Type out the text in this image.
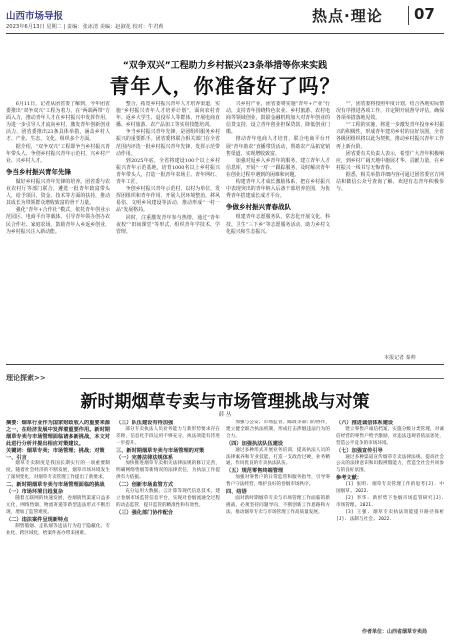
山西市场导报
2023年6月13日 星期二 | 责编：张冰清 美编：赵淑花 校对：牛君莉
热点·理论 07
“双争双兴”工程助力乡村振兴23条举措等你来实践
青年人，你准备好了吗？

6月11日，记者从团省委了解到，今年团省委推出“双争双兴”工程为着力，在“两端两带”方面入力，推动青年人才在乡村振兴中发挥作用，为进一步引导人才流向乡村，激发青年创新创业活力，团省委推出23条具体举措，涵盖乡村人才、产业、生态、文化、组织多个方面。

据介绍，“双争双兴”工程即争当乡村振兴青年带头人、争创乡村振兴青年示范村，兴乡村产业、兴乡村人才。

争当乡村振兴青年先锋

做好乡村振兴青年先锋的培养。团省委与农业农村厅等部门联合，遴选一批青年致富带头人，给予项目、资金、技术等方面的扶持，推动其成长为带领群众增收致富的骨干力量。

强化“青年+合作社”模式，依托青年创业示范园区、电商平台等载体，引导青年领办创办农民合作社、家庭农场。鼓励青年入乡返乡创业，为乡村振兴注入新动能。

整合，拓宽乡村振兴青年人才培养渠道，实施“乡村振兴青年人才培养计划”，面向农村青年、返乡大学生、退役军人等群体，开展电商直播、乡村旅游、农产品加工等实用技能培训。

争当乡村振兴青年先锋，是团组织服务乡村振兴的重要抓手。团省委将联合相关部门在全省范围内评选一批乡村振兴青年先锋，发挥示范带动作用。

到2025年底，全省将建设100个以上乡村振兴青年示范基地，培育1000名以上乡村振兴青年带头人，打造一批青年农场主、青年网红、青年工匠。

争创乡村振兴青年示范村，以村为单位，发挥团组织和青年作用，开展人居环境整治、移风易俗、文明乡风建设等活动，推动形成“一村一品”发展格局。

同时，注重激发青年参与热情，通过“青年夜校”“田间课堂”等形式，组织青年学技术、学管理。

兴乡村产业，团省委将实施“青年+产业”行动，支持青年围绕特色农业、乡村旅游、农村电商等领域创业，鼓励金融机构加大对青年创业的信贷支持，设立青年创业担保贷款，降低创业门槛。

推动青年电商人才培育，联合电商平台开展“青年助农”直播带货活动，帮助农产品拓宽销售渠道，实现增收致富。

加强对返乡入乡青年的服务，建立青年人才信息库，开展“一对一”跟踪服务，及时解决青年在创业过程中遇到的困难和问题。

构建青年人才成长激励体系，把在乡村振兴中表现突出的青年纳入后备干部培养范围，为优秀青年搭建成长成才平台。

争做乡村振兴青春战队

组建青年志愿服务队，常态化开展文化、科技、卫生“三下乡”等志愿服务活动，助力乡村文化振兴和生态振兴。

“”，团省委将按照年度计划，结合各地实际情况有序推进各项工作，并定期开展督导评估，确保各项举措落地见效。

“”工程的实施，将进一步激发青年投身乡村振兴的积极性，形成青年建功乡村的良好氛围。全省各级团组织将以此为契机，推动乡村振兴青年工作再上新台阶。

团省委有关负责人表示，希望广大青年积极响应，到乡村广阔天地中施展才华、贡献力量，在乡村振兴一线书写无悔青春。

据悉，相关举措详细内容可通过团省委官方网站和微信公众号查询了解，欢迎有志青年积极参与。

本报记者 秦帅
理论探索>>
新时期烟草专卖与市场管理挑战与对策
薛 丛

摘要：烟草行业作为国家财政收入的重要来源之一，在经济发展中发挥着重要作用。新时期烟草专卖与市场管理面临诸多新挑战，本文对此进行分析并提出相应对策建议。

关键词：烟草专卖；市场管理；挑战；对策

一、引言

烟草专卖制度是我国长期实行的一项重要制度。随着社会经济的不断发展，烟草市场环境发生了深刻变化，对烟草专卖管理工作提出了新要求。

二、新时期烟草专卖与市场管理面临的挑战

（一）市场环境日趋复杂

随着互联网的快速发展，卷烟销售渠道日益多元化，网络售烟、物流寄递等新型违法形式不断出现，增加了监管难度。

（二）违法案件呈现新特点

制售假烟、走私烟等违法行为趋于隐蔽化、专业化、跨区域化，给案件查办带来困难。

（三）队伍建设有待加强

部分专卖执法人员业务能力与新形势要求存在差距，信息化手段运用不够充分，执法效能有待进一步提升。

三、新时期烟草专卖与市场管理的对策

（一）完善法律法规体系

加快推进烟草专卖相关法律法规的修订完善，明确网络售烟等新情况的法律责任，为执法工作提供有力依据。

（二）创新市场监管方式

充分运用大数据、云计算等现代信息技术，建立卷烟市场监管信息平台，实现对卷烟流通全过程的动态监管，提升监管的精准性和有效性。

（三）强化部门协作配合

加强与公安、市场监管、邮政等部门的协作，建立健全联合执法机制，形成打击涉烟违法行为的合力。

（四）加强执法队伍建设

通过多种形式开展业务培训，提高执法人员的法律素养和专业技能，打造一支政治过硬、业务精通、作风优良的专卖执法队伍。

（五）规范零售终端管理

加强对零售户的日常监管和服务指导，引导零售户守法经营，维护良好的卷烟市场秩序。

四、结语

面对新时期烟草专卖与市场管理工作面临的新挑战，必须坚持问题导向，不断创新工作思路和方法，推动烟草专卖与市场管理工作高质量发展。

（六）推进诚信体系建设

建立零售户诚信档案，实施分级分类管理，对诚信经营的零售户给予激励，对违法违规者依法惩处，营造公平竞争的市场环境。

（七）加强宣传引导

通过多种渠道宣传烟草专卖法律法规，提高社会公众的法律意识和识假辨假能力，营造全社会共同参与的良好氛围。

参考文献：

[1] 张明. 烟草专卖管理工作的思考[J]. 中国烟草, 2022.

[2] 李华. 新形势下卷烟市场监管研究[J]. 市场管理, 2021.

[3] 王强. 烟草专卖执法效能提升路径探析[J]. 法制与社会, 2022.

作者单位：山西省烟草专卖局
